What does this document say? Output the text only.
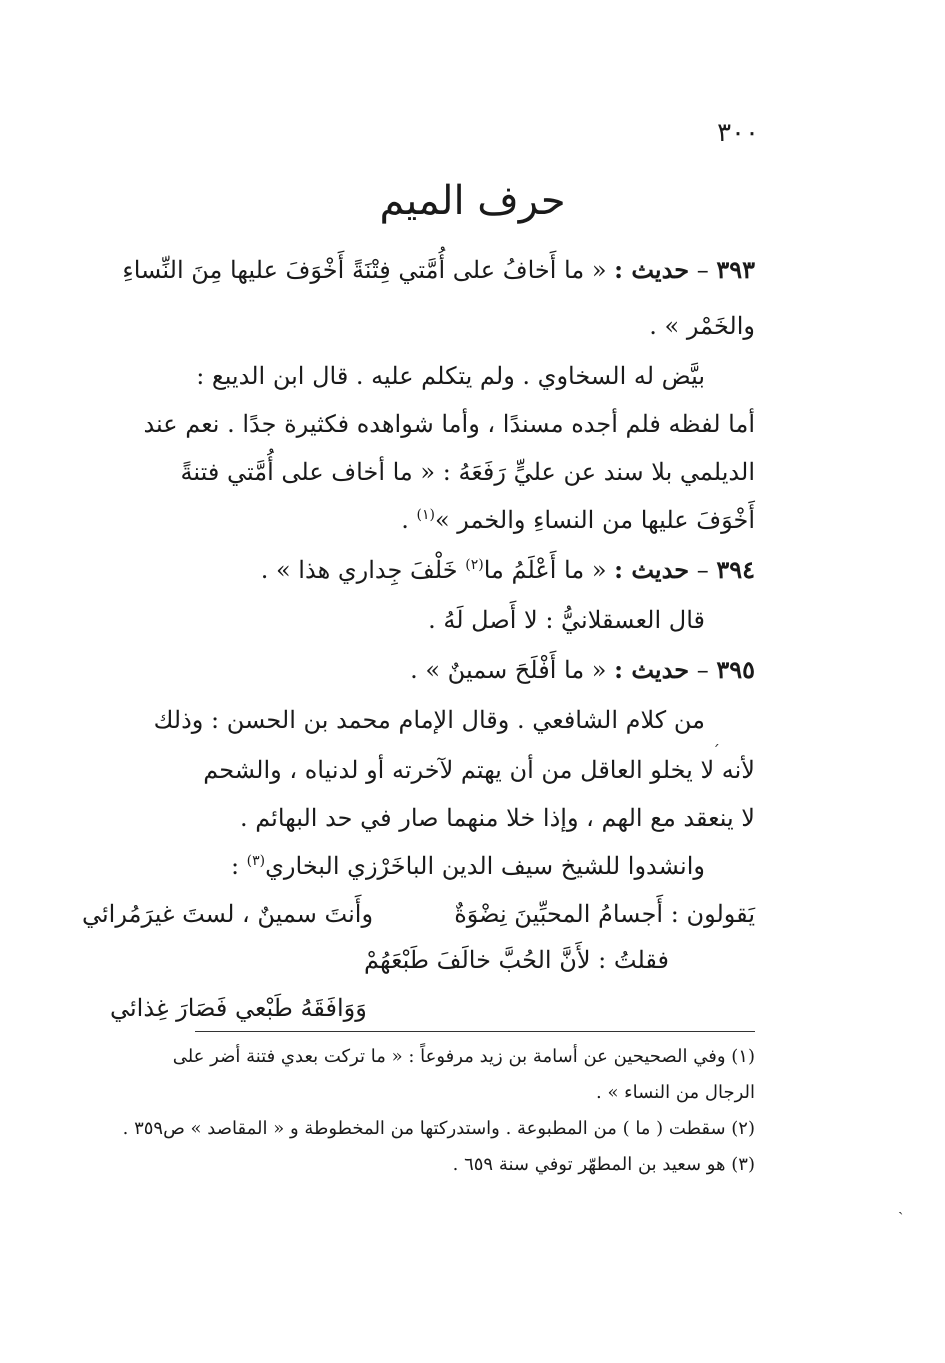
٣٠٠
حرف الميم
٣٩٣ – حديث : « ما أَخافُ على أُمَّتي فِتْنَةً أَخْوَفَ عليها مِنَ النِّساءِ
والخَمْر » .
بيَّض له السخاوي . ولم يتكلم عليه . قال ابن الديبع :
أما لفظه فلم أجده مسندًا ، وأما شواهده فكثيرة جدًا . نعم عند
الديلمي بلا سند عن عليٍّ رَفَعَهُ : « ما أخاف على أُمَّتي فتنةً
أَخْوَفَ عليها من النساءِ والخمر »$^{(١)}$ .
٣٩٤ – حديث : « ما أَعْلَمُ ما$^{(٢)}$ خَلْفَ جِداري هذا » .
قال العسقلانيُّ : لا أَصل لَهُ .
٣٩٥ – حديث : « ما أَفْلَحَ سمينٌ » .
من كلام الشافعي . وقال الإمام محمد بن الحسن : وذلك
لأنه لا يخلو العاقل من أن يهتم لآخرته أو لدنياه ، والشحم
لا ينعقد مع الهم ، وإذا خلا منهما صار في حد البهائم .
وانشدوا للشيخ سيف الدين الباخَرْزي البخاري$^{(٣)}$ :
يَقولون : أَجسامُ المحبِّينَ نِضْوَةٌ
وأَنتَ سمينٌ ، لستَ غيرَمُرائي
فقلتُ : لأَنَّ الحُبَّ خالَفَ طَبْعَهُمْ
وَوَافَقَهُ طَبْعي فَصَارَ غِذائي
(١) وفي الصحيحين عن أسامة بن زيد مرفوعاً : « ما تركت بعدي فتنة أضر على
الرجال من النساء » .
(٢) سقطت ( ما ) من المطبوعة . واستدركتها من المخطوطة و « المقاصد » ص٣٥٩ .
(٣) هو سعيد بن المطهّر توفي سنة ٦٥٩ .
ˊ
ˏ
